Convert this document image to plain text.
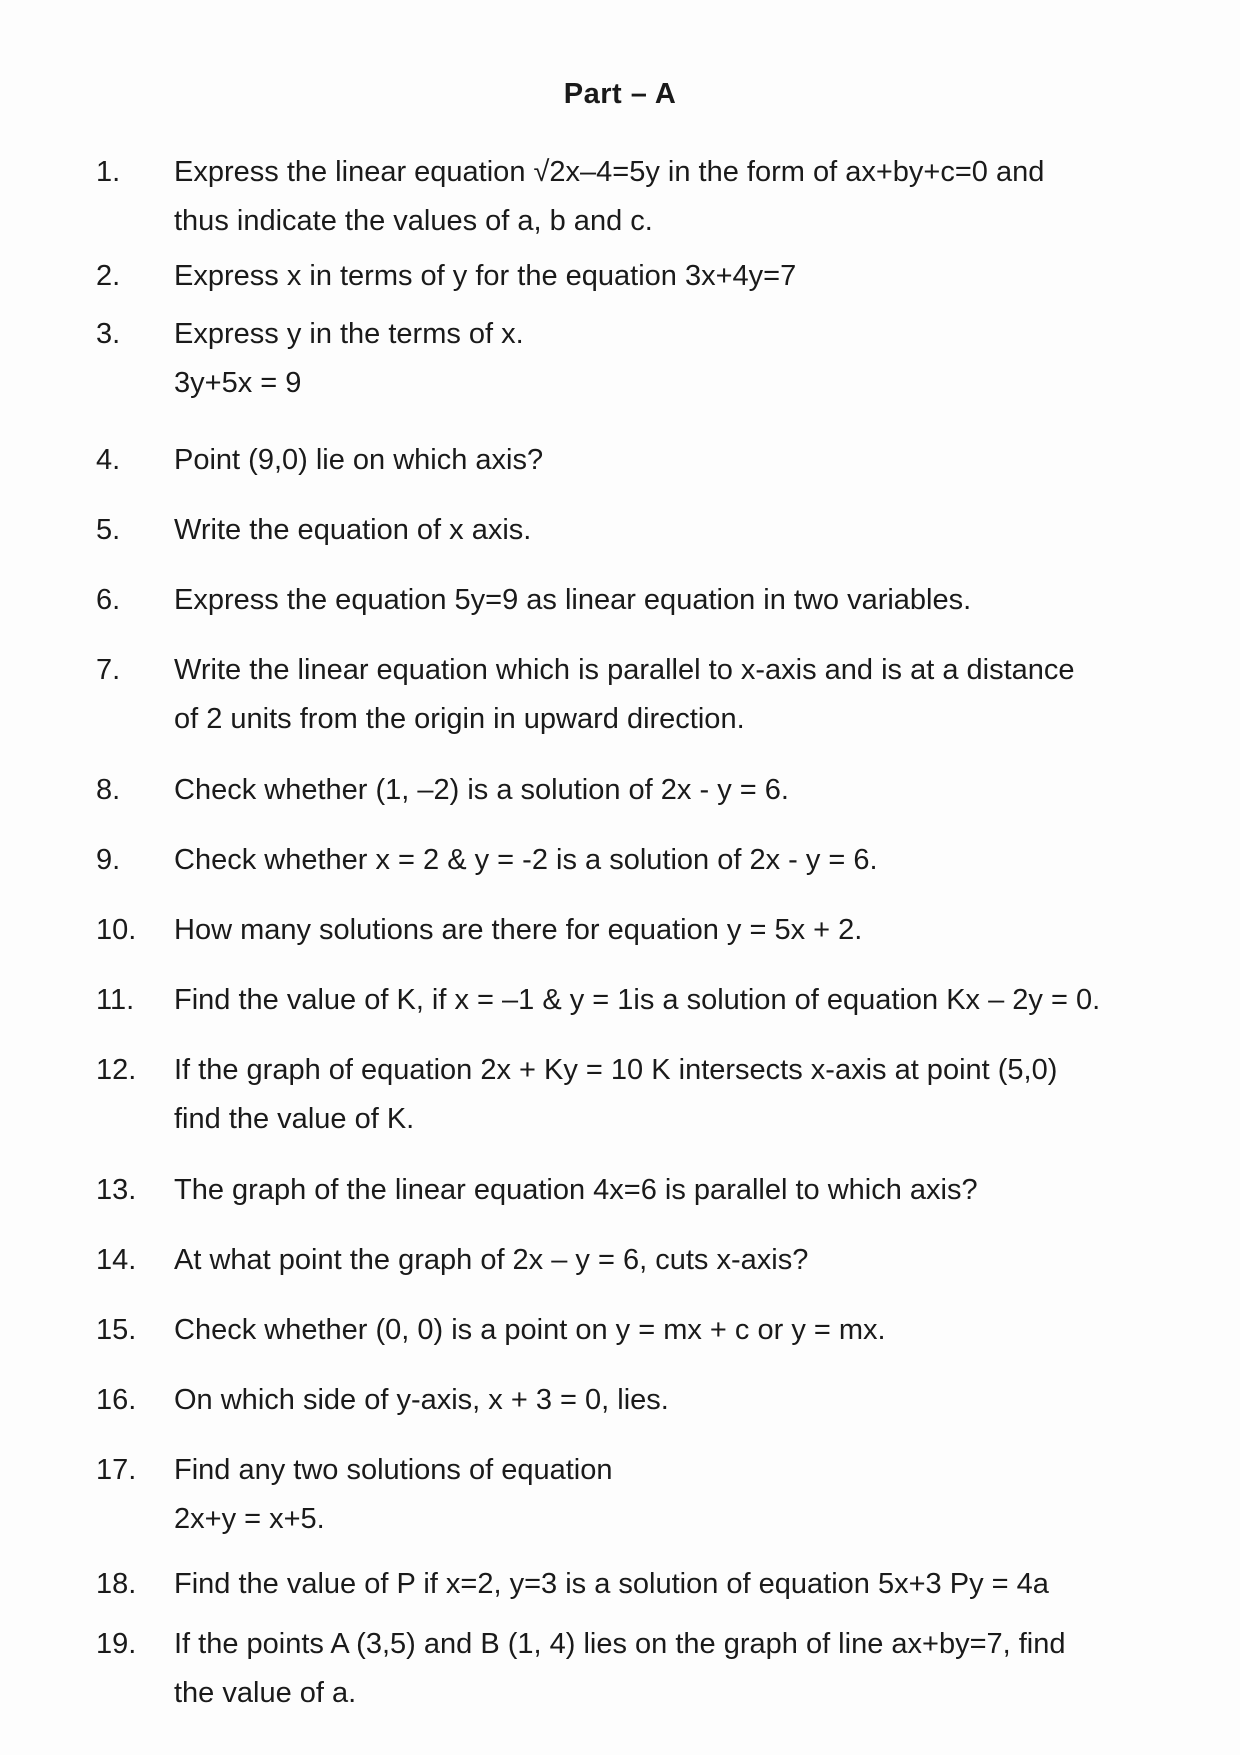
Part – A
1.	Express the linear equation √2x–4=5y in the form of ax+by+c=0 and
thus indicate the values of a, b and c.
2.	Express x in terms of y for the equation 3x+4y=7
3.	Express y in the terms of x.
3y+5x = 9
4.	Point (9,0) lie on which axis?
5.	Write the equation of x axis.
6.	Express the equation 5y=9 as linear equation in two variables.
7.	Write the linear equation which is parallel to x-axis and is at a distance
of 2 units from the origin in upward direction.
8.	Check whether (1, –2) is a solution of 2x - y = 6.
9.	Check whether x = 2 & y = -2 is a solution of 2x - y = 6.
10.	How many solutions are there for equation y = 5x + 2.
11.	Find the value of K, if x = –1 & y = 1is a solution of equation Kx – 2y = 0.
12.	If the graph of equation 2x + Ky = 10 K intersects x-axis at point (5,0)
find the value of K.
13.	The graph of the linear equation 4x=6 is parallel to which axis?
14.	At what point the graph of 2x – y = 6, cuts x-axis?
15.	Check whether (0, 0) is a point on y = mx + c or y = mx.
16.	On which side of y-axis, x + 3 = 0, lies.
17.	Find any two solutions of equation
2x+y = x+5.
18.	Find the value of P if x=2, y=3 is a solution of equation 5x+3 Py = 4a
19.	If the points A (3,5) and B (1, 4) lies on the graph of line ax+by=7, find
the value of a.
